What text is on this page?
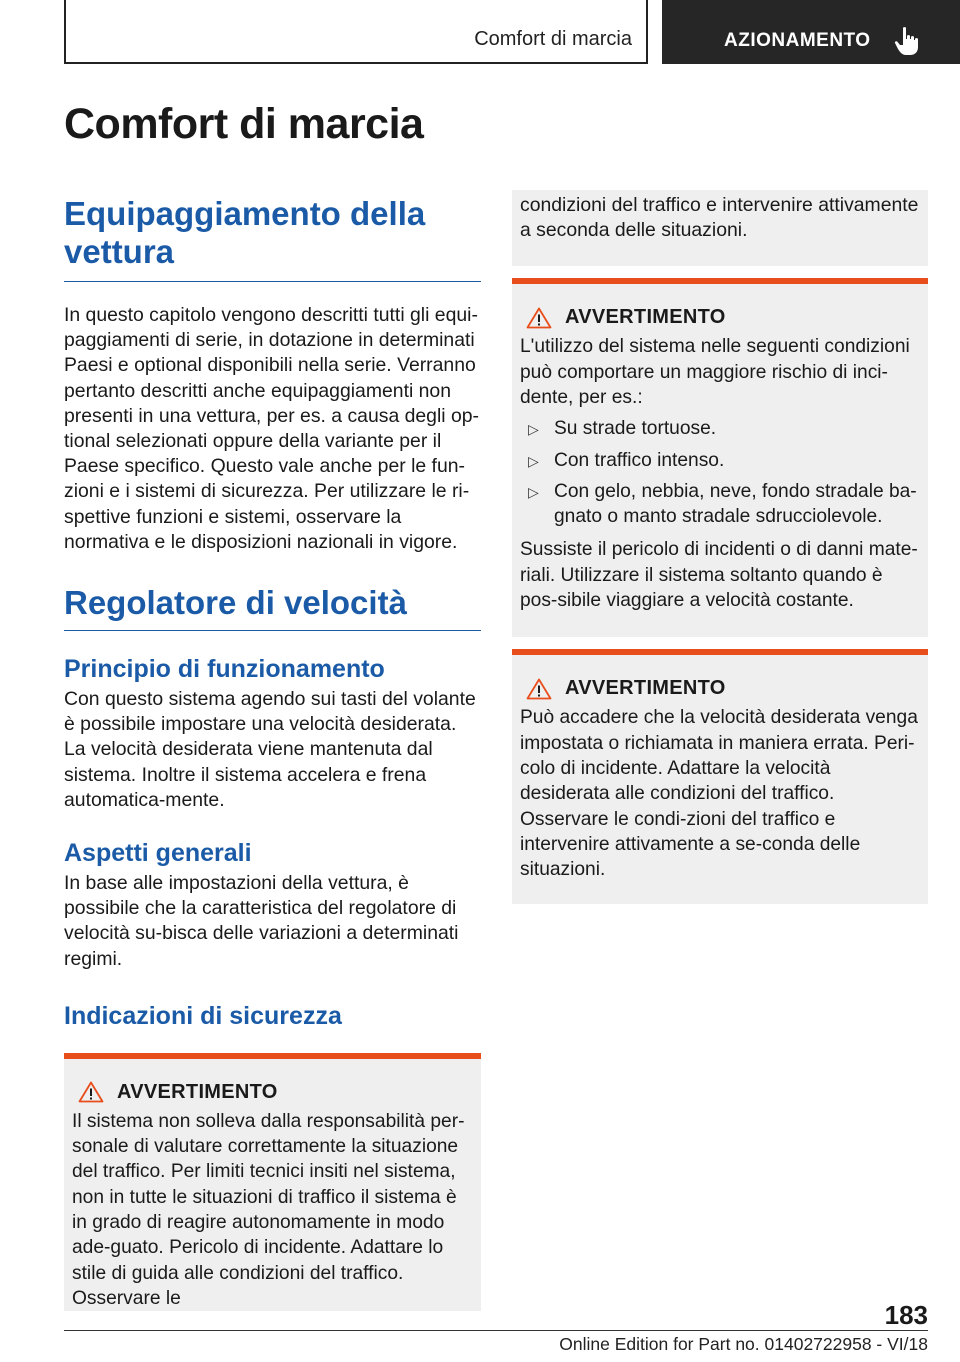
Comfort di marcia	AZIONAMENTO
Comfort di marcia
Equipaggiamento della vettura

In questo capitolo vengono descritti tutti gli equi-paggiamenti di serie, in dotazione in determinati Paesi e optional disponibili nella serie. Verranno pertanto descritti anche equipaggiamenti non presenti in una vettura, per es. a causa degli op-tional selezionati oppure della variante per il Paese specifico. Questo vale anche per le fun-zioni e i sistemi di sicurezza. Per utilizzare le ri-spettive funzioni e sistemi, osservare la normativa e le disposizioni nazionali in vigore.

Regolatore di velocità
Principio di funzionamento

Con questo sistema agendo sui tasti del volante è possibile impostare una velocità desiderata. La velocità desiderata viene mantenuta dal sistema. Inoltre il sistema accelera e frena automatica-mente.

Aspetti generali

In base alle impostazioni della vettura, è possibile che la caratteristica del regolatore di velocità su-bisca delle variazioni a determinati regimi.

Indicazioni di sicurezza
AVVERTIMENTO

Il sistema non solleva dalla responsabilità per-sonale di valutare correttamente la situazione del traffico. Per limiti tecnici insiti nel sistema, non in tutte le situazioni di traffico il sistema è in grado di reagire autonomamente in modo ade-guato. Pericolo di incidente. Adattare lo stile di guida alle condizioni del traffico. Osservare le

condizioni del traffico e intervenire attivamente a seconda delle situazioni.

AVVERTIMENTO

L'utilizzo del sistema nelle seguenti condizioni può comportare un maggiore rischio di inci-dente, per es.:

▷ Su strade tortuose.
▷ Con traffico intenso.
▷ Con gelo, nebbia, neve, fondo stradale ba-gnato o manto stradale sdrucciolevole.

Sussiste il pericolo di incidenti o di danni mate-riali. Utilizzare il sistema soltanto quando è pos-sibile viaggiare a velocità costante.

AVVERTIMENTO

Può accadere che la velocità desiderata venga impostata o richiamata in maniera errata. Peri-colo di incidente. Adattare la velocità desiderata alle condizioni del traffico. Osservare le condi-zioni del traffico e intervenire attivamente a se-conda delle situazioni.

183
Online Edition for Part no. 01402722958 - VI/18
